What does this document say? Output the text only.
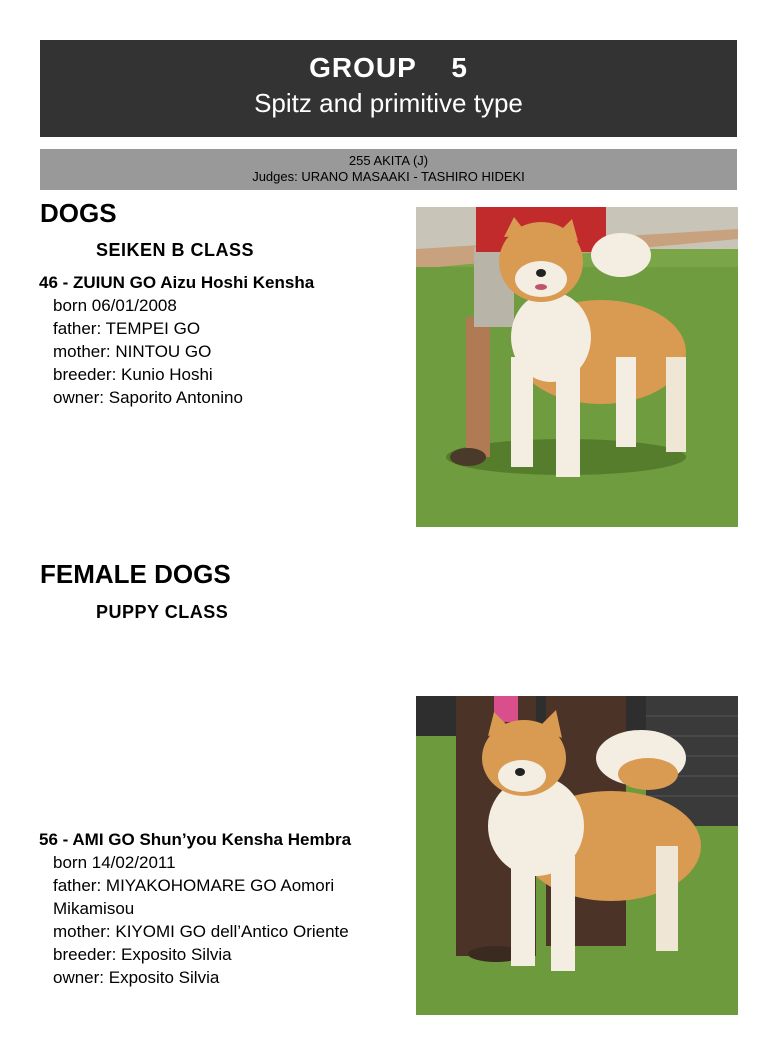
GROUP    5
Spitz and primitive type
255 AKITA (J)
Judges: URANO MASAAKI - TASHIRO HIDEKI
DOGS
SEIKEN B CLASS
46 - ZUIUN GO Aizu Hoshi Kensha
born 06/01/2008
father: TEMPEI GO
mother: NINTOU GO
breeder: Kunio Hoshi
owner: Saporito Antonino
FEMALE DOGS
PUPPY CLASS
56 - AMI GO Shun’you Kensha Hembra
born 14/02/2011
father: MIYAKOHOMARE GO Aomori
Mikamisou
mother: KIYOMI GO dell’Antico Oriente
breeder: Exposito Silvia
owner: Exposito Silvia
